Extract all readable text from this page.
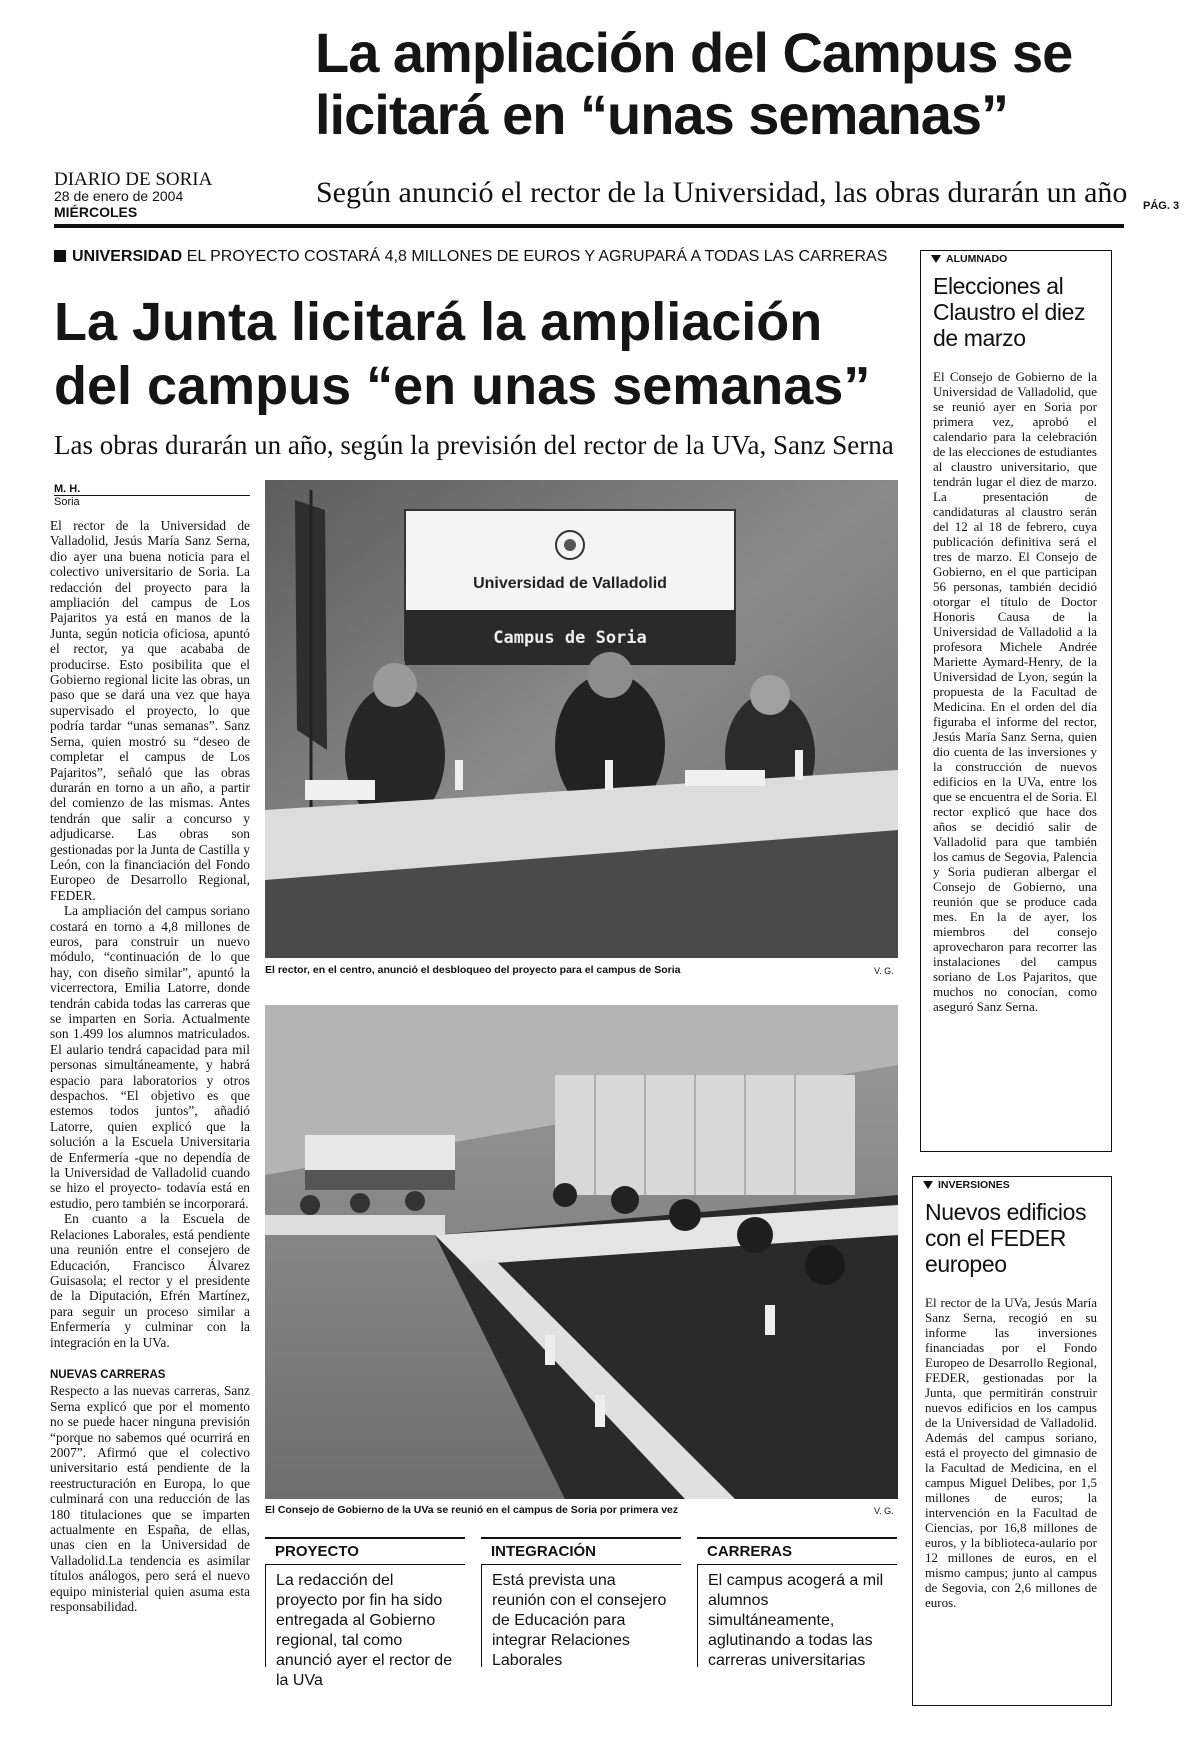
La ampliación del Campus se licitará en “unas semanas”
DIARIO DE SORIA
28 de enero de 2004
MIÉRCOLES
Según anunció el rector de la Universidad, las obras durarán un año PÁG. 3
UNIVERSIDAD EL PROYECTO COSTARÁ 4,8 MILLONES DE EUROS Y AGRUPARÁ A TODAS LAS CARRERAS
La Junta licitará la ampliación del campus “en unas semanas”
Las obras durarán un año, según la previsión del rector de la UVa, Sanz Serna
M. H.
Soria

El rector de la Universidad de Valladolid, Jesús María Sanz Serna, dio ayer una buena noticia para el colectivo universitario de Soria. La redacción del proyecto para la ampliación del campus de Los Pajaritos ya está en manos de la Junta, según noticia oficiosa, apuntó el rector, ya que acababa de producirse. Esto posibilita que el Gobierno regional licite las obras, un paso que se dará una vez que haya supervisado el proyecto, lo que podría tardar “unas semanas”. Sanz Serna, quien mostró su “deseo de completar el campus de Los Pajaritos”, señaló que las obras durarán en torno a un año, a partir del comienzo de las mismas. Antes tendrán que salir a concurso y adjudicarse. Las obras son gestionadas por la Junta de Castilla y León, con la financiación del Fondo Europeo de Desarrollo Regional, FEDER.

La ampliación del campus soriano costará en torno a 4,8 millones de euros, para construir un nuevo módulo, “continuación de lo que hay, con diseño similar”, apuntó la vicerrectora, Emilia Latorre, donde tendrán cabida todas las carreras que se imparten en Soria. Actualmente son 1.499 los alumnos matriculados. El aulario tendrá capacidad para mil personas simultáneamente, y habrá espacio para laboratorios y otros despachos. “El objetivo es que estemos todos juntos”, añadió Latorre, quien explicó que la solución a la Escuela Universitaria de Enfermería -que no dependía de la Universidad de Valladolid cuando se hizo el proyecto- todavía está en estudio, pero también se incorporará.

En cuanto a la Escuela de Relaciones Laborales, está pendiente una reunión entre el consejero de Educación, Francisco Álvarez Guisasola; el rector y el presidente de la Diputación, Efrén Martínez, para seguir un proceso similar a Enfermería y culminar con la integración en la UVa.

NUEVAS CARRERAS

Respecto a las nuevas carreras, Sanz Serna explicó que por el momento no se puede hacer ninguna previsión “porque no sabemos qué ocurrirá en 2007”. Afirmó que el colectivo universitario está pendiente de la reestructuración en Europa, lo que culminará con una reducción de las 180 titulaciones que se imparten actualmente en España, de ellas, unas cien en la Universidad de Valladolid.La tendencia es asimilar títulos análogos, pero será el nuevo equipo ministerial quien asuma esta responsabilidad.

Universidad de Valladolid
Campus de Soria
El rector, en el centro, anunció el desbloqueo del proyecto para el campus de Soria	V. G.
El Consejo de Gobierno de la UVa se reunió en el campus de Soria por primera vez	V. G.
PROYECTO
La redacción del proyecto por fin ha sido entregada al Gobierno regional, tal como anunció ayer el rector de la UVa
INTEGRACIÓN
Está prevista una reunión con el consejero de Educación para integrar Relaciones Laborales
CARRERAS
El campus acogerá a mil alumnos simultáneamente, aglutinando a todas las carreras universitarias
ALUMNADO
Elecciones al Claustro el diez de marzo
El Consejo de Gobierno de la Universidad de Valladolid, que se reunió ayer en Soria por primera vez, aprobó el calendario para la celebración de las elecciones de estudiantes al claustro universitario, que tendrán lugar el diez de marzo. La presentación de candidaturas al claustro serán del 12 al 18 de febrero, cuya publicación definitiva será el tres de marzo. El Consejo de Gobierno, en el que participan 56 personas, también decidió otorgar el título de Doctor Honoris Causa de la Universidad de Valladolid a la profesora Michele Andrée Mariette Aymard-Henry, de la Universidad de Lyon, según la propuesta de la Facultad de Medicina. En el orden del día figuraba el informe del rector, Jesús María Sanz Serna, quien dio cuenta de las inversiones y la construcción de nuevos edificios en la UVa, entre los que se encuentra el de Soria. El rector explicó que hace dos años se decidió salir de Valladolid para que también los camus de Segovia, Palencia y Soria pudieran albergar el Consejo de Gobierno, una reunión que se produce cada mes. En la de ayer, los miembros del consejo aprovecharon para recorrer las instalaciones del campus soriano de Los Pajaritos, que muchos no conocían, como aseguró Sanz Serna.
INVERSIONES
Nuevos edificios con el FEDER europeo
El rector de la UVa, Jesús María Sanz Serna, recogió en su informe las inversiones financiadas por el Fondo Europeo de Desarrollo Regional, FEDER, gestionadas por la Junta, que permitirán construir nuevos edificios en los campus de la Universidad de Valladolid. Además del campus soriano, está el proyecto del gimnasio de la Facultad de Medicina, en el campus Miguel Delibes, por 1,5 millones de euros; la intervención en la Facultad de Ciencias, por 16,8 millones de euros, y la biblioteca-aulario por 12 millones de euros, en el mismo campus; junto al campus de Segovia, con 2,6 millones de euros.
